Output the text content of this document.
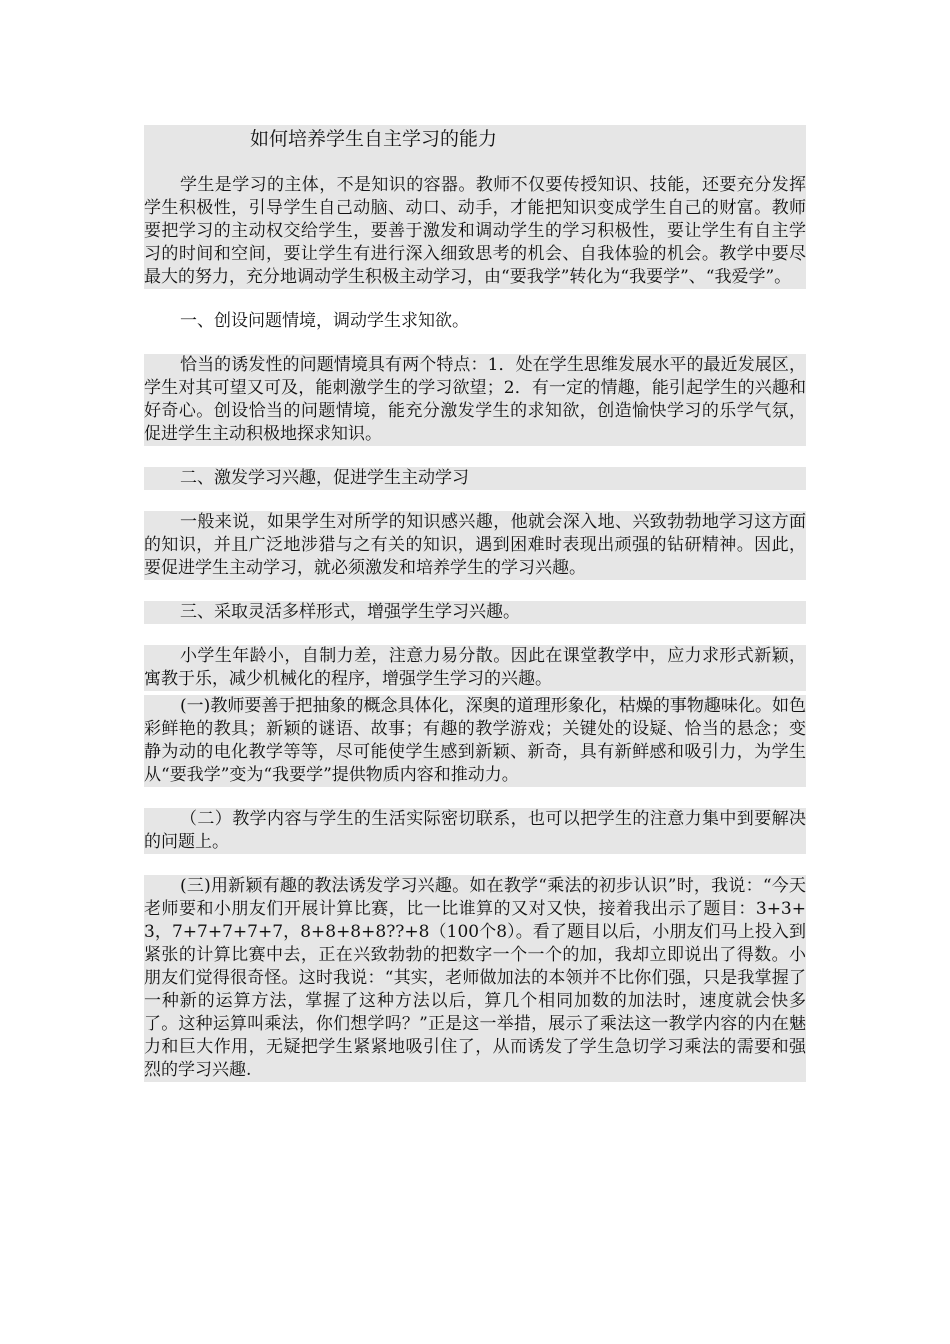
如何培养学生自主学习的能力

学生是学习的主体，不是知识的容器。教师不仅要传授知识、技能，还要充分发挥学生积极性，引导学生自己动脑、动口、动手，才能把知识变成学生自己的财富。教师要把学习的主动权交给学生，要善于激发和调动学生的学习积极性，要让学生有自主学习的时间和空间，要让学生有进行深入细致思考的机会、自我体验的机会。教学中要尽最大的努力，充分地调动学生积极主动学习，由“要我学”转化为“我要学”、“我爱学”。

一、创设问题情境，调动学生求知欲。

恰当的诱发性的问题情境具有两个特点：1．处在学生思维发展水平的最近发展区，学生对其可望又可及，能刺激学生的学习欲望；2．有一定的情趣，能引起学生的兴趣和好奇心。创设恰当的问题情境，能充分激发学生的求知欲，创造愉快学习的乐学气氛，促进学生主动积极地探求知识。

二、激发学习兴趣，促进学生主动学习

一般来说，如果学生对所学的知识感兴趣，他就会深入地、兴致勃勃地学习这方面的知识，并且广泛地涉猎与之有关的知识，遇到困难时表现出顽强的钻研精神。因此，要促进学生主动学习，就必须激发和培养学生的学习兴趣。

三、采取灵活多样形式，增强学生学习兴趣。

小学生年龄小，自制力差，注意力易分散。因此在课堂教学中，应力求形式新颖，寓教于乐，减少机械化的程序，增强学生学习的兴趣。

(一)教师要善于把抽象的概念具体化，深奥的道理形象化，枯燥的事物趣味化。如色彩鲜艳的教具；新颖的谜语、故事；有趣的教学游戏；关键处的设疑、恰当的悬念；变静为动的电化教学等等，尽可能使学生感到新颖、新奇，具有新鲜感和吸引力，为学生从“要我学”变为“我要学”提供物质内容和推动力。

（二）教学内容与学生的生活实际密切联系，也可以把学生的注意力集中到要解决的问题上。

(三)用新颖有趣的教法诱发学习兴趣。如在教学“乘法的初步认识”时，我说：“今天老师要和小朋友们开展计算比赛，比一比谁算的又对又快，接着我出示了题目：3+3+3，7+7+7+7+7，8+8+8+8??+8（100个8）。看了题目以后，小朋友们马上投入到紧张的计算比赛中去，正在兴致勃勃的把数字一个一个的加，我却立即说出了得数。小朋友们觉得很奇怪。这时我说：“其实，老师做加法的本领并不比你们强，只是我掌握了一种新的运算方法，掌握了这种方法以后，算几个相同加数的加法时，速度就会快多了。这种运算叫乘法，你们想学吗？”正是这一举措，展示了乘法这一教学内容的内在魅力和巨大作用，无疑把学生紧紧地吸引住了，从而诱发了学生急切学习乘法的需要和强烈的学习兴趣.
